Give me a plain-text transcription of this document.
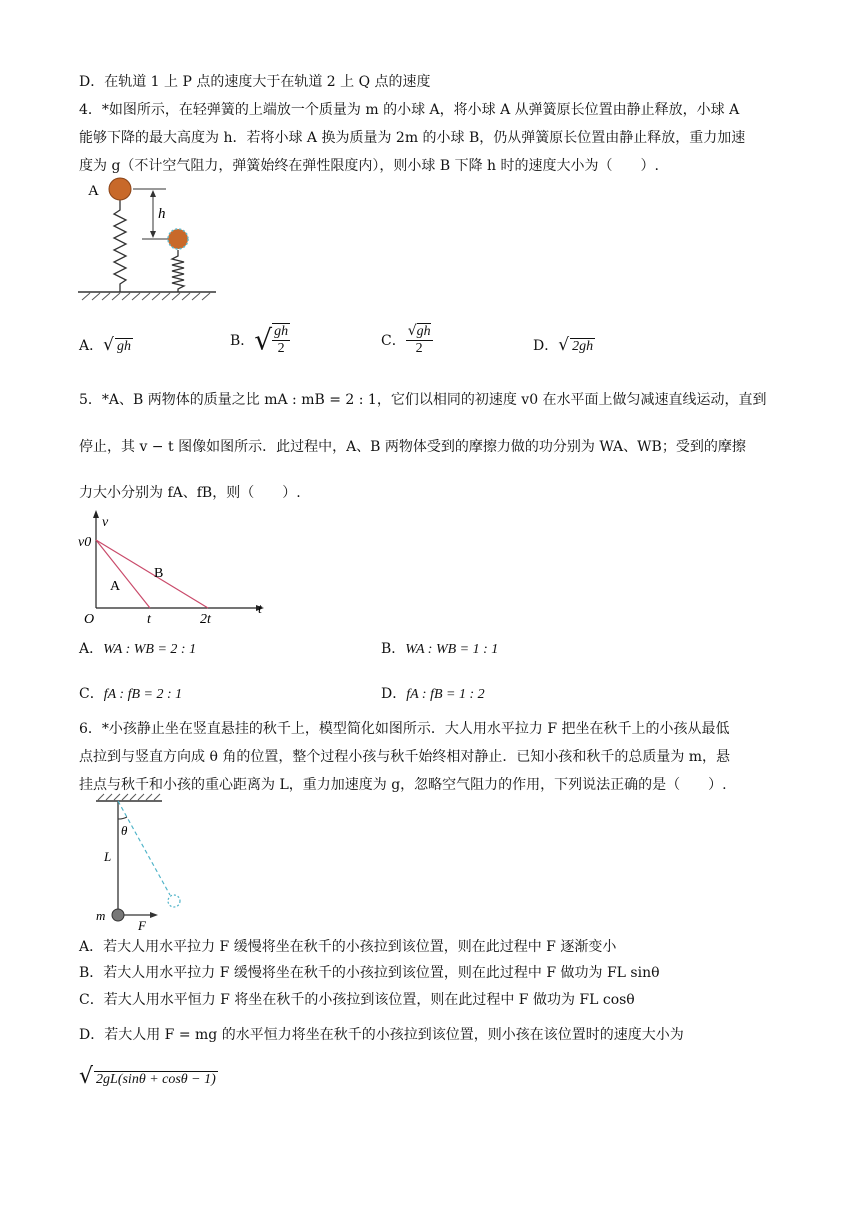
D．在轨道 1 上 P 点的速度大于在轨道 2 上 Q 点的速度
4．*如图所示，在轻弹簧的上端放一个质量为 m 的小球 A，将小球 A 从弹簧原长位置由静止释放，小球 A
能够下降的最大高度为 h．若将小球 A 换为质量为 2m 的小球 B，仍从弹簧原长位置由静止释放，重力加速
度为 g（不计空气阻力，弹簧始终在弹性限度内），则小球 B 下降 h 时的速度大小为（　　）.
A
h
A．√ gh	B．√ $\frac{gh}{2}$	C． $\frac{√gh}{2}$	D．√ 2gh
5．*A、B 两物体的质量之比 mA : mB = 2 : 1，它们以相同的初速度 v0 在水平面上做匀减速直线运动，直到
停止，其 v − t 图像如图所示．此过程中，A、B 两物体受到的摩擦力做的功分别为 WA、WB；受到的摩擦
力大小分别为 fA、fB，则（　　）.
v
t
v0
O	t	2t
A
B
A．WA : WB = 2 : 1	B．WA : WB = 1 : 1
C．fA : fB = 2 : 1	D．fA : fB = 1 : 2
6．*小孩静止坐在竖直悬挂的秋千上，模型简化如图所示．大人用水平拉力 F 把坐在秋千上的小孩从最低
点拉到与竖直方向成 θ 角的位置，整个过程小孩与秋千始终相对静止．已知小孩和秋千的总质量为 m，悬
挂点与秋千和小孩的重心距离为 L，重力加速度为 g，忽略空气阻力的作用，下列说法正确的是（　　）.
θ
L
m
F
A．若大人用水平拉力 F 缓慢将坐在秋千的小孩拉到该位置，则在此过程中 F 逐渐变小
B．若大人用水平拉力 F 缓慢将坐在秋千的小孩拉到该位置，则在此过程中 F 做功为 FL sinθ
C．若大人用水平恒力 F 将坐在秋千的小孩拉到该位置，则在此过程中 F 做功为 FL cosθ
D．若大人用 F = mg 的水平恒力将坐在秋千的小孩拉到该位置，则小孩在该位置时的速度大小为
√ 2gL(sinθ + cosθ − 1)
